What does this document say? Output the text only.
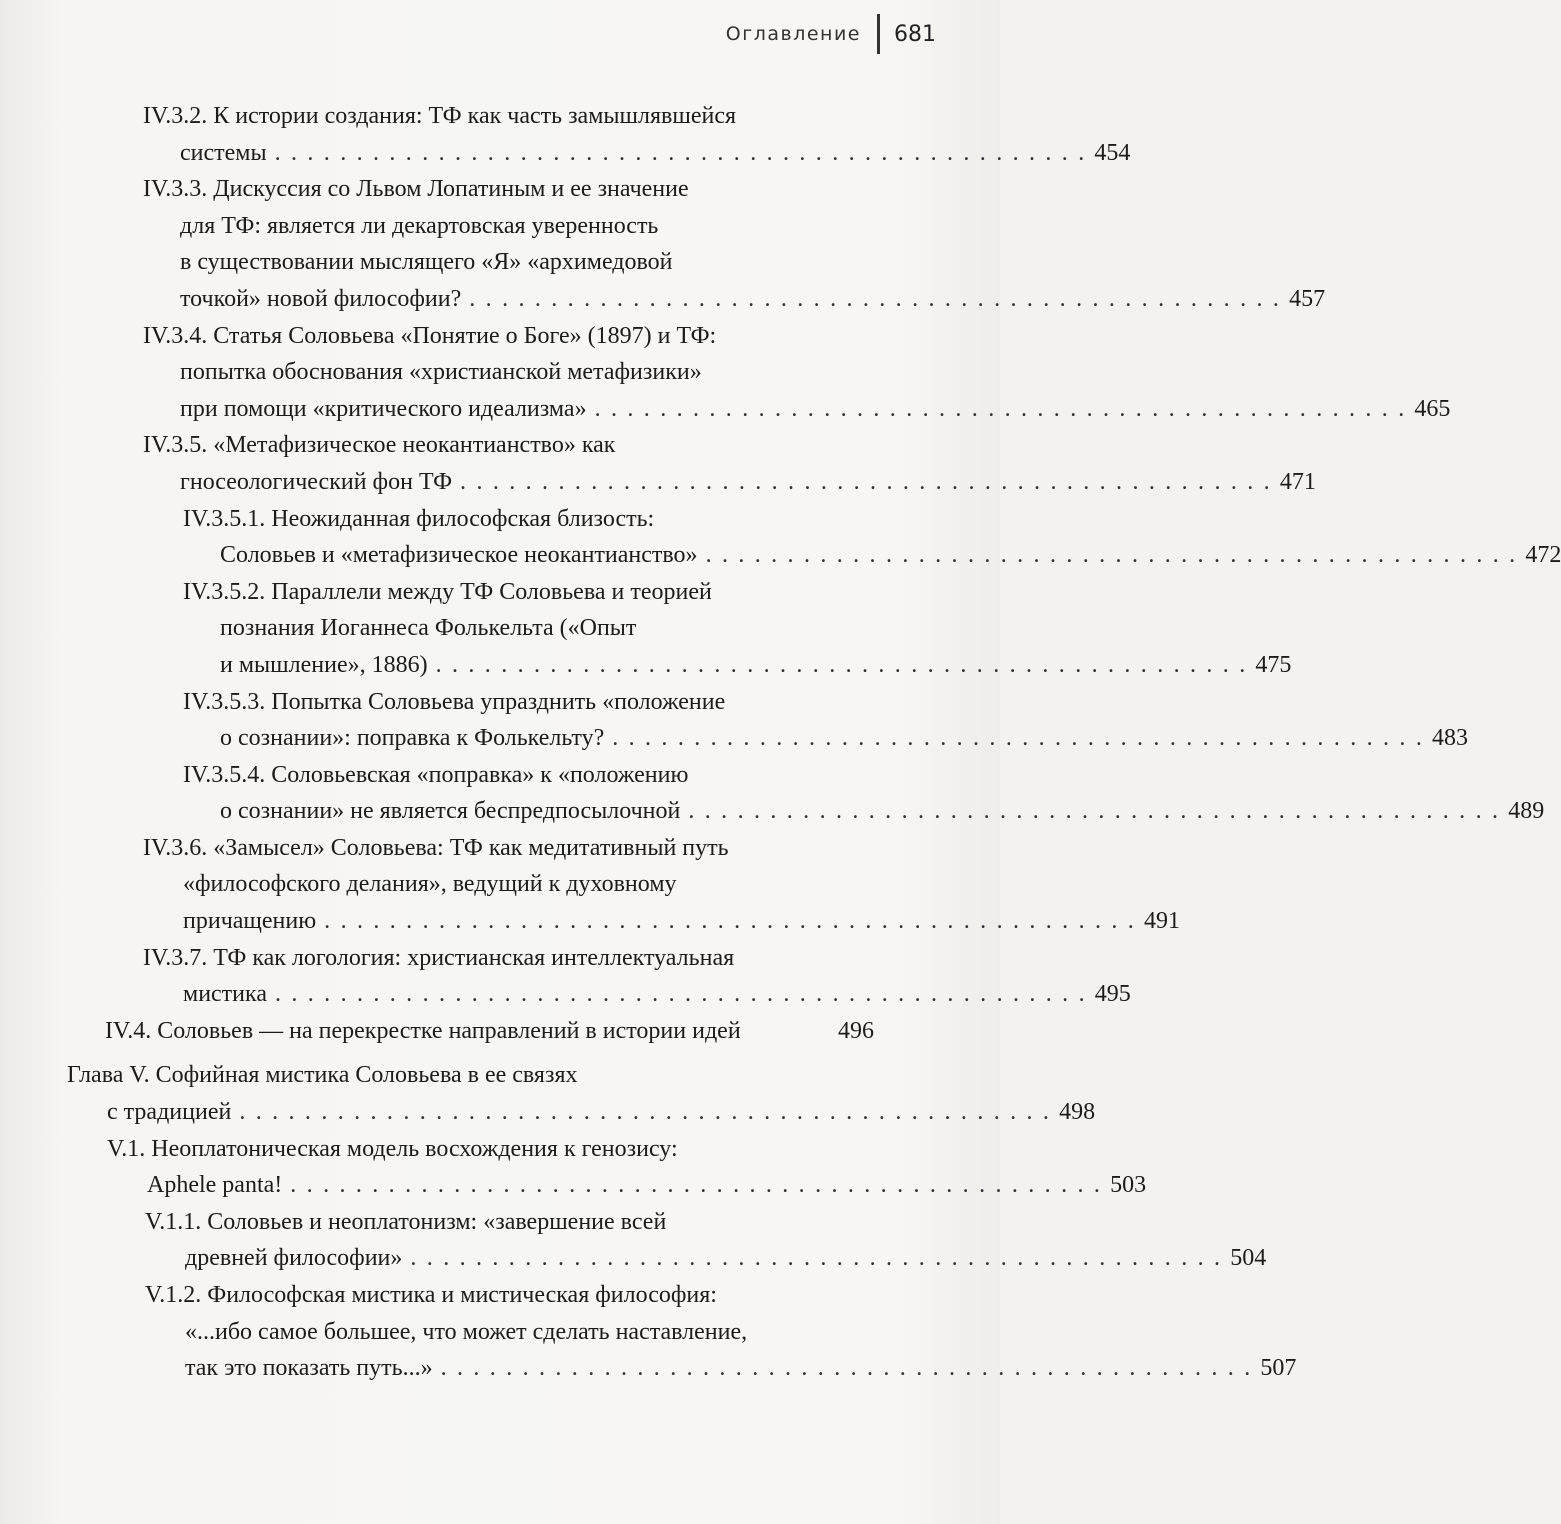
Оглавление	681
IV.3.2. К истории создания: ТФ как часть замышлявшейся
системы . . . . . . . . . . . . . . . . . . . . . . . . . . . . . . . . . . . . . . . . . . . . . . . . . . 454
IV.3.3. Дискуссия со Львом Лопатиным и ее значение
для ТФ: является ли декартовская уверенность
в существовании мыслящего «Я» «архимедовой
точкой» новой философии? . . . . . . . . . . . . . . . . . . . . . . . . . . . . . . . . . . . . . . . . . . . . . . . . . . 457
IV.3.4. Статья Соловьева «Понятие о Боге» (1897) и ТФ:
попытка обоснования «христианской метафизики»
при помощи «критического идеализма» . . . . . . . . . . . . . . . . . . . . . . . . . . . . . . . . . . . . . . . . . . . . . . . . . . 465
IV.3.5. «Метафизическое неокантианство» как
гносеологический фон ТФ . . . . . . . . . . . . . . . . . . . . . . . . . . . . . . . . . . . . . . . . . . . . . . . . . . 471
IV.3.5.1. Неожиданная философская близость:
Соловьев и «метафизическое неокантианство» . . . . . . . . . . . . . . . . . . . . . . . . . . . . . . . . . . . . . . . . . . . . . . . . . . 472
IV.3.5.2. Параллели между ТФ Соловьева и теорией
познания Иоганнеса Фолькельта («Опыт
и мышление», 1886) . . . . . . . . . . . . . . . . . . . . . . . . . . . . . . . . . . . . . . . . . . . . . . . . . . 475
IV.3.5.3. Попытка Соловьева упразднить «положение
о сознании»: поправка к Фолькельту? . . . . . . . . . . . . . . . . . . . . . . . . . . . . . . . . . . . . . . . . . . . . . . . . . . 483
IV.3.5.4. Соловьевская «поправка» к «положению
о сознании» не является беспредпосылочной . . . . . . . . . . . . . . . . . . . . . . . . . . . . . . . . . . . . . . . . . . . . . . . . . . 489
IV.3.6. «Замысел» Соловьева: ТФ как медитативный путь
«философского делания», ведущий к духовному
причащению . . . . . . . . . . . . . . . . . . . . . . . . . . . . . . . . . . . . . . . . . . . . . . . . . . 491
IV.3.7. ТФ как логология: христианская интеллектуальная
мистика . . . . . . . . . . . . . . . . . . . . . . . . . . . . . . . . . . . . . . . . . . . . . . . . . . 495
IV.4. Соловьев — на перекрестке направлений в истории идей	496
Глава V. Софийная мистика Соловьева в ее связях
с традицией . . . . . . . . . . . . . . . . . . . . . . . . . . . . . . . . . . . . . . . . . . . . . . . . . . 498
V.1. Неоплатоническая модель восхождения к генозису:
Aphele panta! . . . . . . . . . . . . . . . . . . . . . . . . . . . . . . . . . . . . . . . . . . . . . . . . . . 503
V.1.1. Соловьев и неоплатонизм: «завершение всей
древней философии» . . . . . . . . . . . . . . . . . . . . . . . . . . . . . . . . . . . . . . . . . . . . . . . . . . 504
V.1.2. Философская мистика и мистическая философия:
«...ибо самое большее, что может сделать наставление,
так это показать путь...» . . . . . . . . . . . . . . . . . . . . . . . . . . . . . . . . . . . . . . . . . . . . . . . . . . 507
